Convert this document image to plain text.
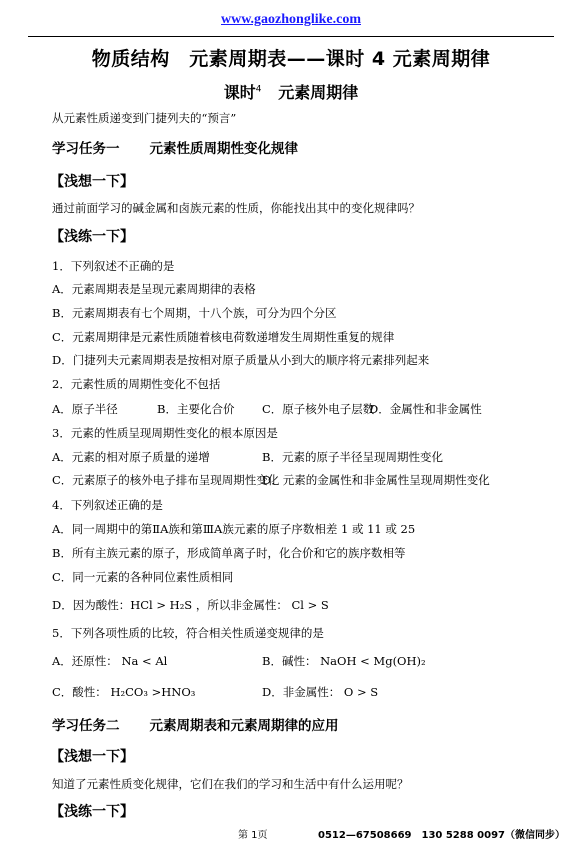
www.gaozhonglike.com
物质结构　元素周期表——课时 4 元素周期律
课时$^4$ 元素周期律
从元素性质递变到门捷列夫的“预言”
学习任务一 元素性质周期性变化规律
【浅想一下】
通过前面学习的碱金属和卤族元素的性质，你能找出其中的变化规律吗？
【浅练一下】
1．下列叙述不正确的是
A．元素周期表是呈现元素周期律的表格
B．元素周期表有七个周期，十八个族，可分为四个分区
C．元素周期律是元素性质随着核电荷数递增发生周期性重复的规律
D．门捷列夫元素周期表是按相对原子质量从小到大的顺序将元素排列起来
2．元素性质的周期性变化不包括
A．原子半径	B．主要化合价 C．原子核外电子层数
D．金属性和非金属性
3．元素的性质呈现周期性变化的根本原因是
A．元素的相对原子质量的递增	B．元素的原子半径呈现周期性变化
C．元素原子的核外电子排布呈现周期性变化
D．元素的金属性和非金属性呈现周期性变化
4．下列叙述正确的是
A．同一周期中的第ⅡA族和第ⅢA族元素的原子序数相差 1 或 11 或 25
B．所有主族元素的原子，形成简单离子时，化合价和它的族序数相等
C．同一元素的各种同位素性质相同
D．因为酸性：HCl > H₂S ，所以非金属性： Cl > S
5．下列各项性质的比较，符合相关性质递变规律的是
A．还原性： Na < Al	B．碱性： NaOH < Mg(OH)₂
C．酸性： H₂CO₃ >HNO₃	D．非金属性： O > S
学习任务二 元素周期表和元素周期律的应用
【浅想一下】
知道了元素性质变化规律，它们在我们的学习和生活中有什么运用呢？
【浅练一下】
第 1页	0512—67508669　130 5288 0097（微信同步）
